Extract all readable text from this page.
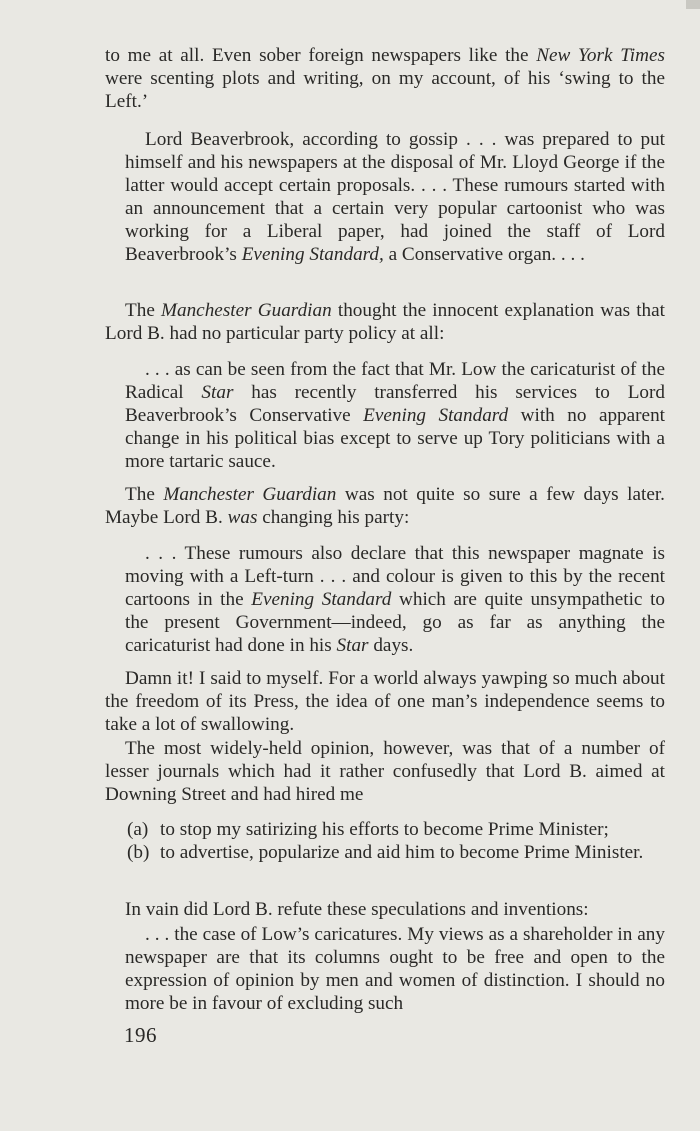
to me at all. Even sober foreign newspapers like the New York Times were scenting plots and writing, on my account, of his ‘swing to the Left.’

Lord Beaverbrook, according to gossip . . . was prepared to put himself and his newspapers at the disposal of Mr. Lloyd George if the latter would accept certain proposals. . . . These rumours started with an announcement that a certain very popular cartoonist who was working for a Liberal paper, had joined the staff of Lord Beaverbrook’s Evening Standard, a Conservative organ. . . .

The Manchester Guardian thought the innocent explanation was that Lord B. had no particular party policy at all:

. . . as can be seen from the fact that Mr. Low the caricaturist of the Radical Star has recently transferred his services to Lord Beaverbrook’s Conservative Evening Standard with no apparent change in his political bias except to serve up Tory politicians with a more tartaric sauce.

The Manchester Guardian was not quite so sure a few days later. Maybe Lord B. was changing his party:

. . . These rumours also declare that this newspaper magnate is moving with a Left-turn . . . and colour is given to this by the recent cartoons in the Evening Standard which are quite unsympathetic to the present Government—indeed, go as far as anything the caricaturist had done in his Star days.

Damn it! I said to myself. For a world always yawping so much about the freedom of its Press, the idea of one man’s independence seems to take a lot of swallowing.

The most widely-held opinion, however, was that of a number of lesser journals which had it rather confusedly that Lord B. aimed at Downing Street and had hired me

(a) to stop my satirizing his efforts to become Prime Minister;
(b) to advertise, popularize and aid him to become Prime Minister.

In vain did Lord B. refute these speculations and inventions:

. . . the case of Low’s caricatures. My views as a shareholder in any newspaper are that its columns ought to be free and open to the expression of opinion by men and women of distinction. I should no more be in favour of excluding such

196
